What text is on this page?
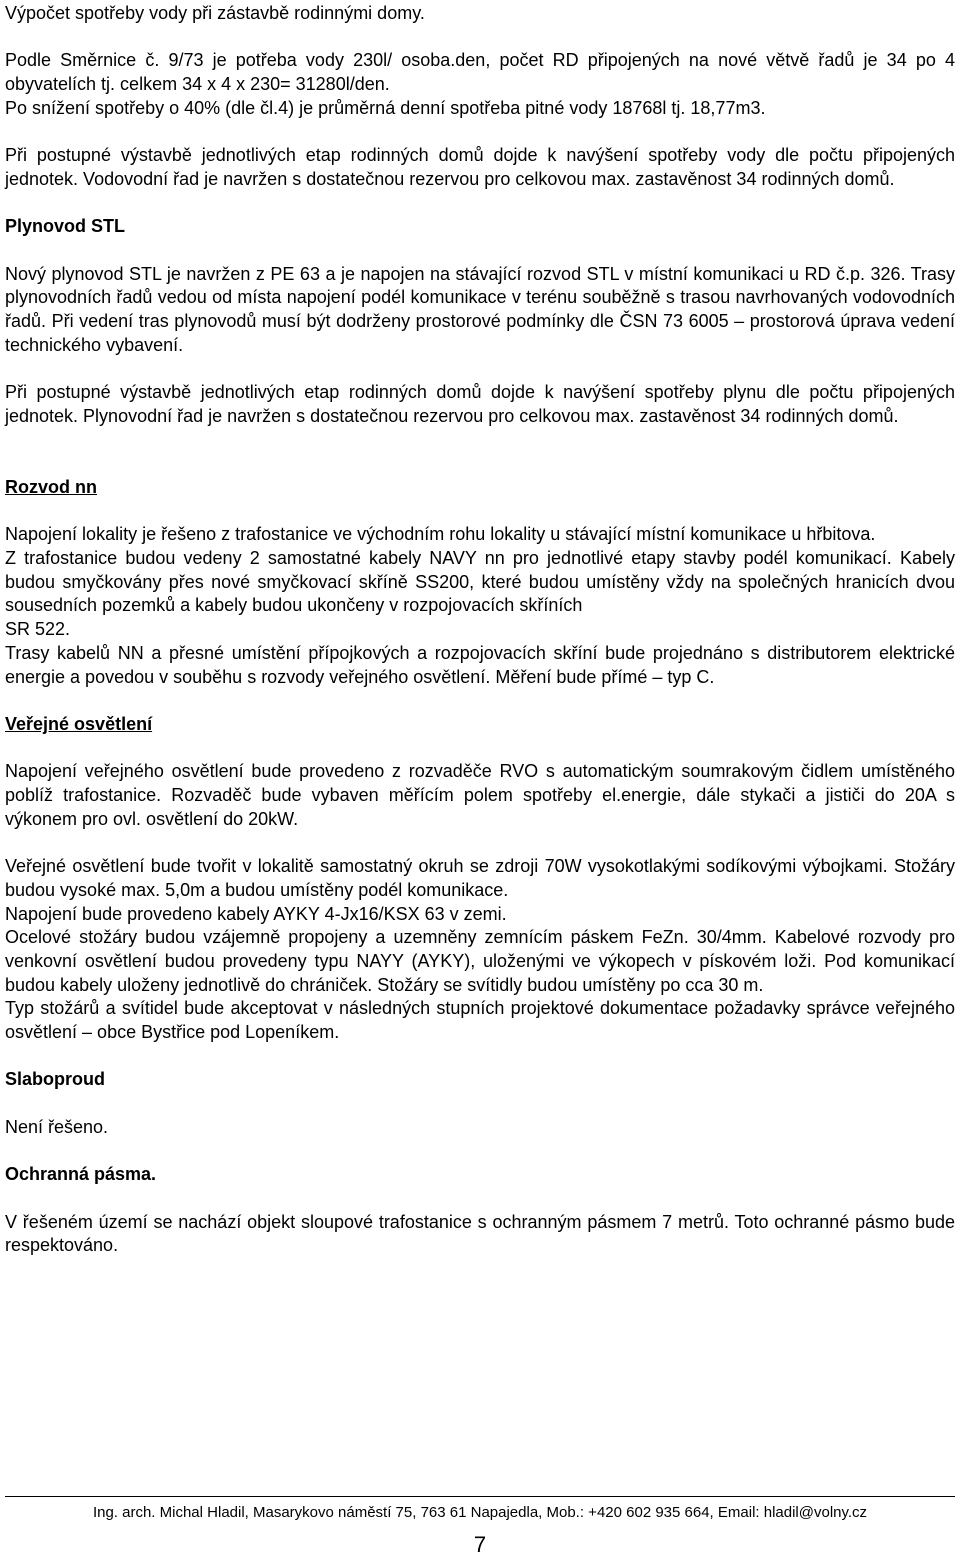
Výpočet spotřeby vody při zástavbě rodinnými domy.

Podle Směrnice č. 9/73 je potřeba vody 230l/ osoba.den, počet RD připojených na nové větvě řadů je 34 po 4 obyvatelích tj. celkem 34 x 4 x 230= 31280l/den.

Po snížení spotřeby o 40% (dle čl.4) je průměrná denní spotřeba pitné vody 18768l tj. 18,77m3.

Při postupné výstavbě jednotlivých etap rodinných domů dojde k navýšení spotřeby vody dle počtu připojených jednotek. Vodovodní řad je navržen s dostatečnou rezervou pro celkovou max. zastavěnost 34 rodinných domů.

Plynovod STL

Nový plynovod STL je navržen z PE 63 a je napojen na stávající rozvod STL v místní komunikaci u RD č.p. 326. Trasy plynovodních řadů vedou od místa napojení podél komunikace v terénu souběžně s trasou navrhovaných vodovodních řadů. Při vedení tras plynovodů musí být dodrženy prostorové podmínky dle ČSN 73 6005 – prostorová úprava vedení technického vybavení.

Při postupné výstavbě jednotlivých etap rodinných domů dojde k navýšení spotřeby plynu dle počtu připojených jednotek. Plynovodní řad je navržen s dostatečnou rezervou pro celkovou max. zastavěnost 34 rodinných domů.

Rozvod nn

Napojení lokality je řešeno z trafostanice ve východním rohu lokality u stávající místní komunikace u hřbitova.

Z trafostanice budou vedeny 2 samostatné kabely NAVY nn pro jednotlivé etapy stavby podél komunikací. Kabely budou smyčkovány přes nové smyčkovací skříně SS200, které budou umístěny vždy na společných hranicích dvou sousedních pozemků a kabely budou ukončeny v rozpojovacích skříních

SR 522.

Trasy kabelů NN a přesné umístění přípojkových a rozpojovacích skříní bude projednáno s distributorem elektrické energie a povedou v souběhu s rozvody veřejného osvětlení. Měření bude přímé – typ C.

Veřejné osvětlení

Napojení veřejného osvětlení bude provedeno z rozvaděče RVO s automatickým soumrakovým čidlem umístěného poblíž trafostanice. Rozvaděč bude vybaven měřícím polem spotřeby el.energie, dále stykači a jističi do 20A s výkonem pro ovl. osvětlení do 20kW.

Veřejné osvětlení bude tvořit v lokalitě samostatný okruh se zdroji 70W vysokotlakými sodíkovými výbojkami. Stožáry budou vysoké max. 5,0m a budou umístěny podél komunikace.

Napojení bude provedeno kabely AYKY 4-Jx16/KSX 63 v zemi.

Ocelové stožáry budou vzájemně propojeny a uzemněny zemnícím páskem FeZn. 30/4mm. Kabelové rozvody pro venkovní osvětlení budou provedeny typu NAYY (AYKY), uloženými ve výkopech v pískovém loži. Pod komunikací budou kabely uloženy jednotlivě do chrániček. Stožáry se svítidly budou umístěny po cca 30 m.

Typ stožárů a svítidel bude akceptovat v následných stupních projektové dokumentace požadavky správce veřejného osvětlení – obce Bystřice pod Lopeníkem.

Slaboproud

Není řešeno.

Ochranná pásma.

V řešeném území se nachází objekt sloupové trafostanice s ochranným pásmem 7 metrů. Toto ochranné pásmo bude respektováno.

Ing. arch. Michal Hladil, Masarykovo náměstí 75, 763 61 Napajedla, Mob.: +420 602 935 664, Email: hladil@volny.cz
7
